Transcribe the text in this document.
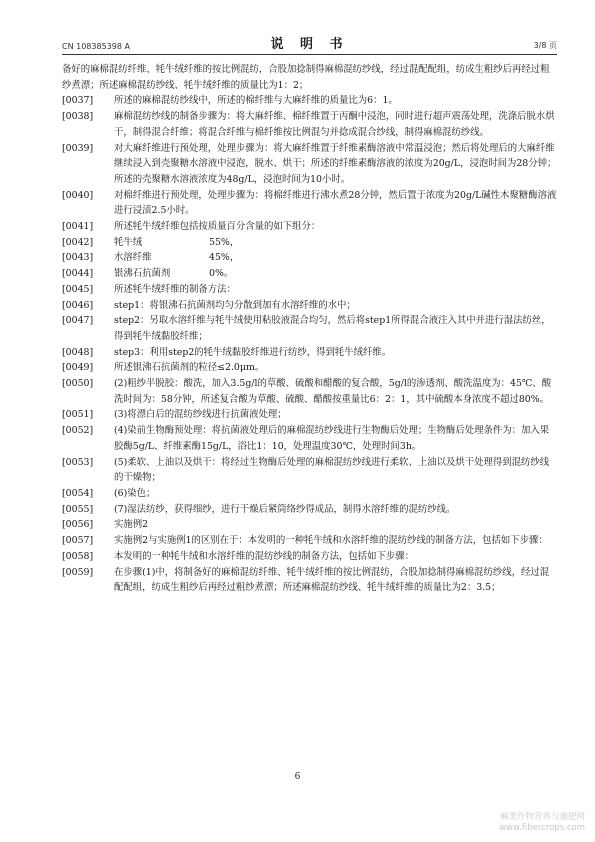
CN 108385398 A	说 明 书	3/8 页
备好的麻棉混纺纤维、牦牛绒纤维的按比例混纺，合股加捻制得麻棉混纺纱线，经过混配配组，纺成生粗纱后再经过粗纱煮漂；所述麻棉混纺纱线、牦牛绒纤维的质量比为1：2；
[0037]	所述的麻棉混纺纱线中，所述的棉纤维与大麻纤维的质量比为6：1。
[0038]	麻棉混纺纱线的制备步骤为：将大麻纤维、棉纤维置于丙酮中浸泡，同时进行超声震荡处理，洗涤后脱水烘干，制得混合纤维；将混合纤维与棉纤维按比例混匀并捻成混合纱线，制得麻棉混纺纱线。
[0039]	对大麻纤维进行预处理，处理步骤为：将大麻纤维置于纤维素酶溶液中常温浸泡；然后将处理后的大麻纤维继续浸入到壳聚糖水溶液中浸泡，脱水、烘干；所述的纤维素酶溶液的浓度为20g/L，浸泡时间为28分钟；所述的壳聚糖水溶液浓度为48g/L，浸泡时间为10小时。
[0040]	对棉纤维进行预处理，处理步骤为：将棉纤维进行沸水煮28分钟，然后置于浓度为20g/L碱性木聚糖酶溶液进行浸渍2.5小时。
[0041]	所述牦牛绒纤维包括按质量百分含量的如下组分：
[0042]	牦牛绒	55%，
[0043]	水溶纤维	45%，
[0044]	银沸石抗菌剂	0%。
[0045]	所述牦牛绒纤维的制备方法：
[0046]	step1：将银沸石抗菌剂均匀分散到加有水溶纤维的水中；
[0047]	step2：另取水溶纤维与牦牛绒使用粘胶液混合均匀，然后将step1所得混合液注入其中并进行湿法纺丝，得到牦牛绒黏胶纤维；
[0048]	step3：利用step2的牦牛绒黏胶纤维进行纺纱，得到牦牛绒纤维。
[0049]	所述银沸石抗菌剂的粒径≤2.0μm。
[0050]	(2)粗纱半脱胶：酸洗，加入3.5g/l的草酸、硫酸和醋酸的复合酸，5g/l的渗透剂、酸洗温度为：45℃、酸洗时间为：58分钟，所述复合酸为草酸、硫酸、醋酸按重量比6：2：1，其中硫酸本身浓度不超过80%。
[0051]	(3)将漂白后的混纺纱线进行抗菌液处理；
[0052]	(4)染前生物酶预处理：将抗菌液处理后的麻棉混纺纱线进行生物酶后处理；生物酶后处理条件为：加入果胶酶5g/L、纤维素酶15g/L，浴比1：10，处理温度30℃，处理时间3h。
[0053]	(5)柔软、上油以及烘干：将经过生物酶后处理的麻棉混纺纱线进行柔软、上油以及烘干处理得到混纺纱线的干燥物；
[0054]	(6)染色；
[0055]	(7)湿法纺纱，获得细纱，进行干燥后紧筒络纱得成品，制得水溶纤维的混纺纱线。
[0056]	实施例2
[0057]	实施例2与实施例1的区别在于：本发明的一种牦牛绒和水溶纤维的混纺纱线的制备方法，包括如下步骤：
[0058]	本发明的一种牦牛绒和水溶纤维的混纺纱线的制备方法，包括如下步骤：
[0059]	在步骤(1)中，将制备好的麻棉混纺纤维、牦牛绒纤维的按比例混纺，合股加捻制得麻棉混纺纱线，经过混配配组，纺成生粗纱后再经过粗纱煮漂；所述麻棉混纺纱线、牦牛绒纤维的质量比为2：3.5；
6
麻类作物营养与施肥网
www.fibercrops.com
